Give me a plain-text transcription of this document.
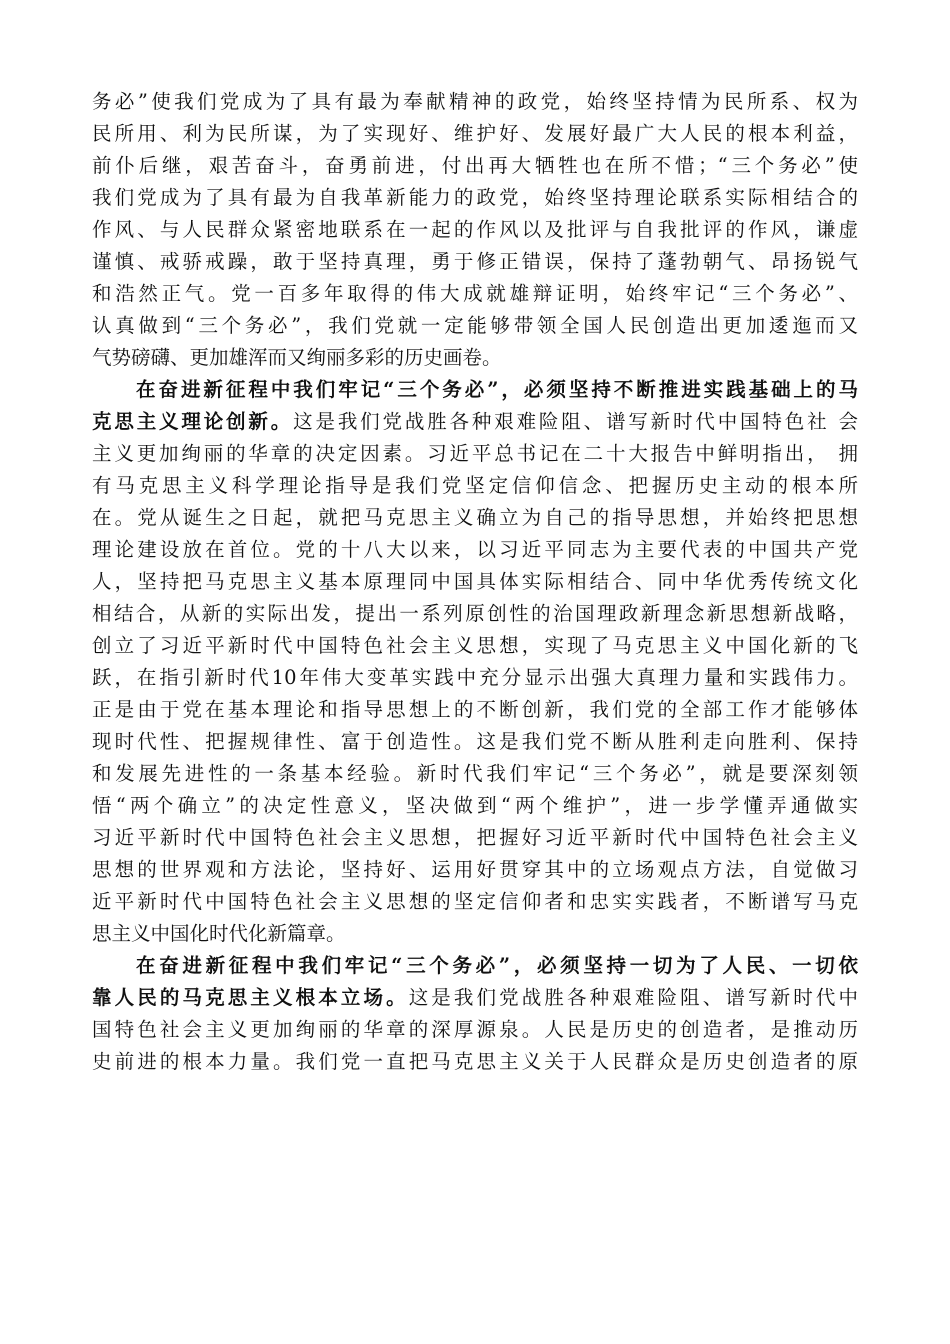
务必”使我们党成为了具有最为奉献精神的政党，始终坚持情为民所系、权为
民所用、利为民所谋，为了实现好、维护好、发展好最广大人民的根本利益，
前仆后继，艰苦奋斗，奋勇前进，付出再大牺牲也在所不惜；“三个务必”使
我们党成为了具有最为自我革新能力的政党，始终坚持理论联系实际相结合的
作风、与人民群众紧密地联系在一起的作风以及批评与自我批评的作风，谦虚
谨慎、戒骄戒躁，敢于坚持真理，勇于修正错误，保持了蓬勃朝气、昂扬锐气
和浩然正气。党一百多年取得的伟大成就雄辩证明，始终牢记“三个务必”、
认真做到“三个务必”，我们党就一定能够带领全国人民创造出更加逶迤而又
气势磅礴、更加雄浑而又绚丽多彩的历史画卷。
在奋进新征程中我们牢记“三个务必”，必须坚持不断推进实践基础上的马
克思主义理论创新。这是我们党战胜各种艰难险阻、谱写新时代中国特色社 会
主义更加绚丽的华章的决定因素。习近平总书记在二十大报告中鲜明指出， 拥
有马克思主义科学理论指导是我们党坚定信仰信念、把握历史主动的根本所
在。党从诞生之日起，就把马克思主义确立为自己的指导思想，并始终把思想
理论建设放在首位。党的十八大以来，以习近平同志为主要代表的中国共产党
人，坚持把马克思主义基本原理同中国具体实际相结合、同中华优秀传统文化
相结合，从新的实际出发，提出一系列原创性的治国理政新理念新思想新战略，
创立了习近平新时代中国特色社会主义思想，实现了马克思主义中国化新的飞
跃，在指引新时代10年伟大变革实践中充分显示出强大真理力量和实践伟力。
正是由于党在基本理论和指导思想上的不断创新，我们党的全部工作才能够体
现时代性、把握规律性、富于创造性。这是我们党不断从胜利走向胜利、保持
和发展先进性的一条基本经验。新时代我们牢记“三个务必”，就是要深刻领
悟“两个确立”的决定性意义，坚决做到“两个维护”，进一步学懂弄通做实
习近平新时代中国特色社会主义思想，把握好习近平新时代中国特色社会主义
思想的世界观和方法论，坚持好、运用好贯穿其中的立场观点方法，自觉做习
近平新时代中国特色社会主义思想的坚定信仰者和忠实实践者，不断谱写马克
思主义中国化时代化新篇章。
在奋进新征程中我们牢记“三个务必”，必须坚持一切为了人民、一切依
靠人民的马克思主义根本立场。这是我们党战胜各种艰难险阻、谱写新时代中
国特色社会主义更加绚丽的华章的深厚源泉。人民是历史的创造者，是推动历
史前进的根本力量。我们党一直把马克思主义关于人民群众是历史创造者的原
